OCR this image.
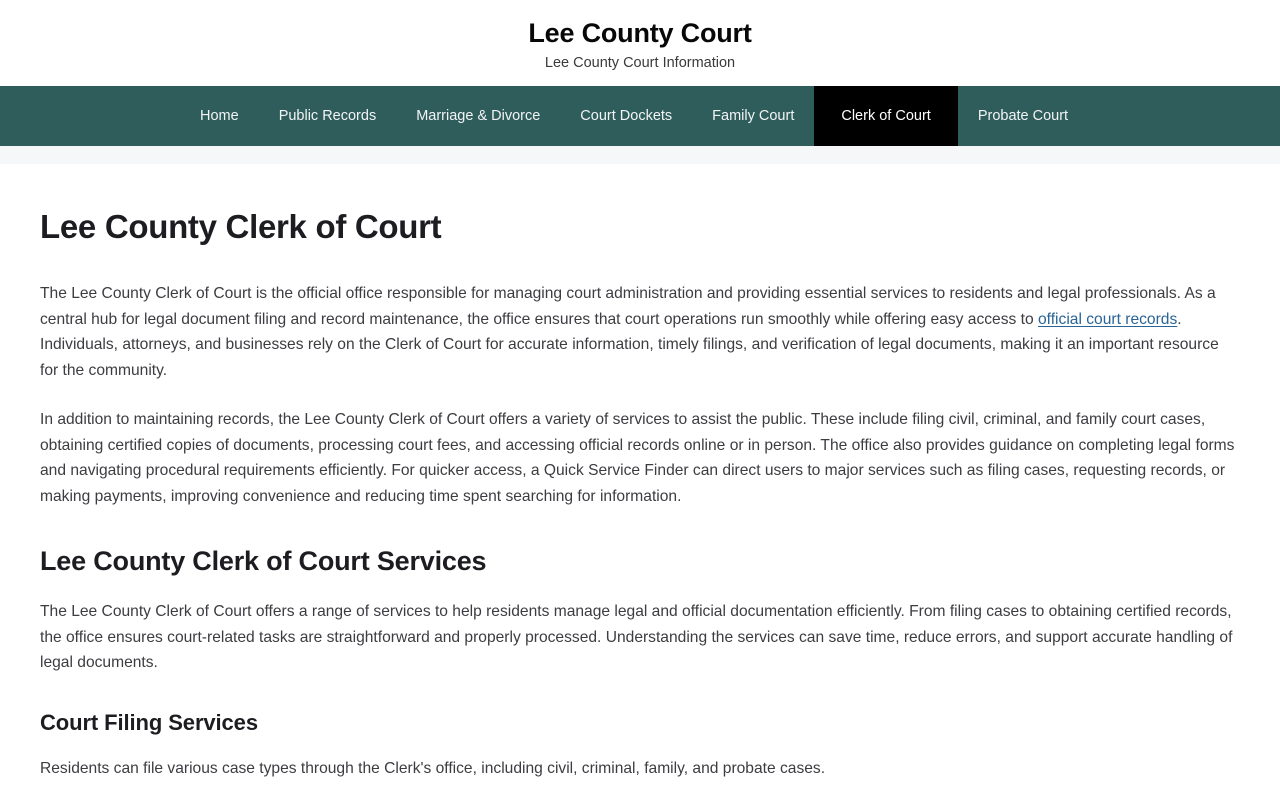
Lee County Court

Lee County Court Information

Home	Public Records	Marriage & Divorce	Court Dockets	Family Court	Clerk of Court	Probate Court
Lee County Clerk of Court

The Lee County Clerk of Court is the official office responsible for managing court administration and providing essential services to residents and legal professionals. As a central hub for legal document filing and record maintenance, the office ensures that court operations run smoothly while offering easy access to official court records. Individuals, attorneys, and businesses rely on the Clerk of Court for accurate information, timely filings, and verification of legal documents, making it an important resource for the community.

In addition to maintaining records, the Lee County Clerk of Court offers a variety of services to assist the public. These include filing civil, criminal, and family court cases, obtaining certified copies of documents, processing court fees, and accessing official records online or in person. The office also provides guidance on completing legal forms and navigating procedural requirements efficiently. For quicker access, a Quick Service Finder can direct users to major services such as filing cases, requesting records, or making payments, improving convenience and reducing time spent searching for information.

Lee County Clerk of Court Services

The Lee County Clerk of Court offers a range of services to help residents manage legal and official documentation efficiently. From filing cases to obtaining certified records, the office ensures court-related tasks are straightforward and properly processed. Understanding the services can save time, reduce errors, and support accurate handling of legal documents.

Court Filing Services

Residents can file various case types through the Clerk's office, including civil, criminal, family, and probate cases.
